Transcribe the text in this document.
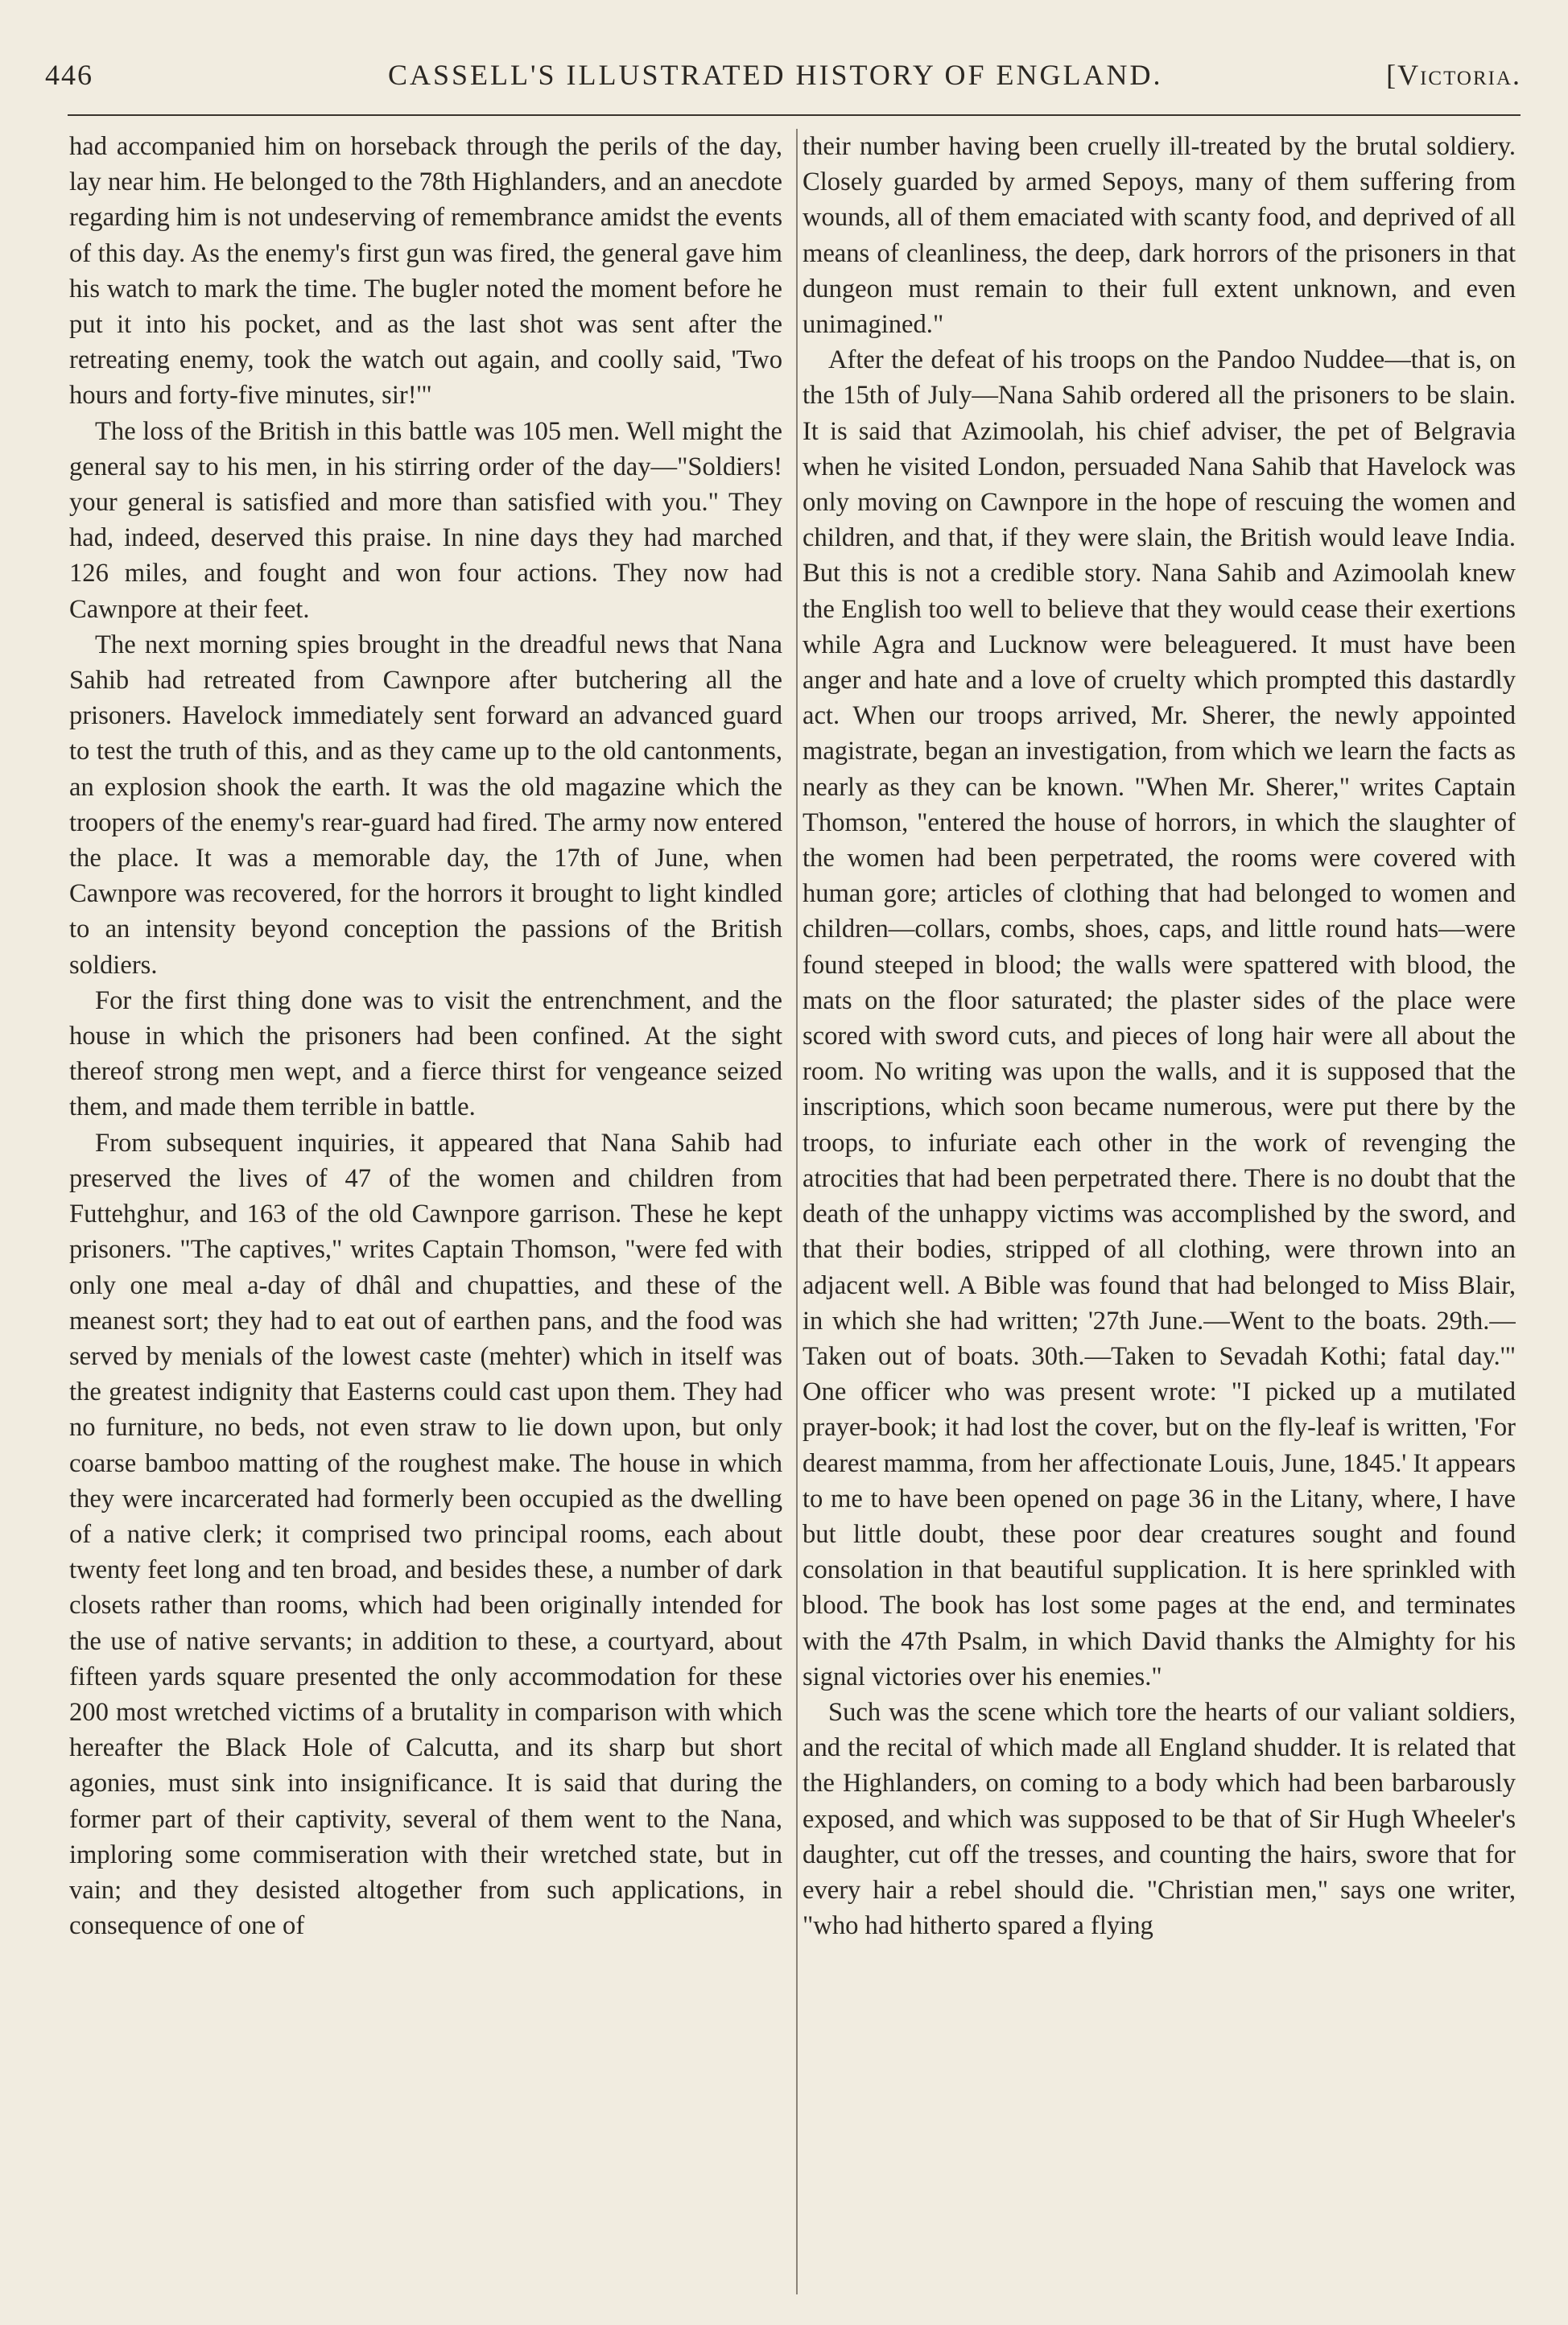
446	CASSELL'S ILLUSTRATED HISTORY OF ENGLAND.	[Victoria.

had accompanied him on horseback through the perils of the day, lay near him. He belonged to the 78th Highlanders, and an anecdote regarding him is not undeserving of remembrance amidst the events of this day. As the enemy's first gun was fired, the general gave him his watch to mark the time. The bugler noted the moment before he put it into his pocket, and as the last shot was sent after the retreating enemy, took the watch out again, and coolly said, 'Two hours and forty-five minutes, sir!'"

The loss of the British in this battle was 105 men. Well might the general say to his men, in his stirring order of the day—"Soldiers! your general is satisfied and more than satisfied with you." They had, indeed, deserved this praise. In nine days they had marched 126 miles, and fought and won four actions. They now had Cawnpore at their feet.

The next morning spies brought in the dreadful news that Nana Sahib had retreated from Cawnpore after butchering all the prisoners. Havelock immediately sent forward an advanced guard to test the truth of this, and as they came up to the old cantonments, an explosion shook the earth. It was the old magazine which the troopers of the enemy's rear-guard had fired. The army now entered the place. It was a memorable day, the 17th of June, when Cawnpore was recovered, for the horrors it brought to light kindled to an intensity beyond conception the passions of the British soldiers.

For the first thing done was to visit the entrenchment, and the house in which the prisoners had been confined. At the sight thereof strong men wept, and a fierce thirst for vengeance seized them, and made them terrible in battle.

From subsequent inquiries, it appeared that Nana Sahib had preserved the lives of 47 of the women and children from Futtehghur, and 163 of the old Cawnpore garrison. These he kept prisoners. "The captives," writes Captain Thomson, "were fed with only one meal a-day of dhâl and chupatties, and these of the meanest sort; they had to eat out of earthen pans, and the food was served by menials of the lowest caste (mehter) which in itself was the greatest indignity that Easterns could cast upon them. They had no furniture, no beds, not even straw to lie down upon, but only coarse bamboo matting of the roughest make. The house in which they were incarcerated had formerly been occupied as the dwelling of a native clerk; it comprised two principal rooms, each about twenty feet long and ten broad, and besides these, a number of dark closets rather than rooms, which had been originally intended for the use of native servants; in addition to these, a courtyard, about fifteen yards square presented the only accommodation for these 200 most wretched victims of a brutality in comparison with which hereafter the Black Hole of Calcutta, and its sharp but short agonies, must sink into insignificance. It is said that during the former part of their captivity, several of them went to the Nana, imploring some commiseration with their wretched state, but in vain; and they desisted altogether from such applications, in consequence of one of

their number having been cruelly ill-treated by the brutal soldiery. Closely guarded by armed Sepoys, many of them suffering from wounds, all of them emaciated with scanty food, and deprived of all means of cleanliness, the deep, dark horrors of the prisoners in that dungeon must remain to their full extent unknown, and even unimagined."

After the defeat of his troops on the Pandoo Nuddee—that is, on the 15th of July—Nana Sahib ordered all the prisoners to be slain. It is said that Azimoolah, his chief adviser, the pet of Belgravia when he visited London, persuaded Nana Sahib that Havelock was only moving on Cawnpore in the hope of rescuing the women and children, and that, if they were slain, the British would leave India. But this is not a credible story. Nana Sahib and Azimoolah knew the English too well to believe that they would cease their exertions while Agra and Lucknow were beleaguered. It must have been anger and hate and a love of cruelty which prompted this dastardly act. When our troops arrived, Mr. Sherer, the newly appointed magistrate, began an investigation, from which we learn the facts as nearly as they can be known. "When Mr. Sherer," writes Captain Thomson, "entered the house of horrors, in which the slaughter of the women had been perpetrated, the rooms were covered with human gore; articles of clothing that had belonged to women and children—collars, combs, shoes, caps, and little round hats—were found steeped in blood; the walls were spattered with blood, the mats on the floor saturated; the plaster sides of the place were scored with sword cuts, and pieces of long hair were all about the room. No writing was upon the walls, and it is supposed that the inscriptions, which soon became numerous, were put there by the troops, to infuriate each other in the work of revenging the atrocities that had been perpetrated there. There is no doubt that the death of the unhappy victims was accomplished by the sword, and that their bodies, stripped of all clothing, were thrown into an adjacent well. A Bible was found that had belonged to Miss Blair, in which she had written; '27th June.—Went to the boats. 29th.—Taken out of boats. 30th.—Taken to Sevadah Kothi; fatal day.'" One officer who was present wrote: "I picked up a mutilated prayer-book; it had lost the cover, but on the fly-leaf is written, 'For dearest mamma, from her affectionate Louis, June, 1845.' It appears to me to have been opened on page 36 in the Litany, where, I have but little doubt, these poor dear creatures sought and found consolation in that beautiful supplication. It is here sprinkled with blood. The book has lost some pages at the end, and terminates with the 47th Psalm, in which David thanks the Almighty for his signal victories over his enemies."

Such was the scene which tore the hearts of our valiant soldiers, and the recital of which made all England shudder. It is related that the Highlanders, on coming to a body which had been barbarously exposed, and which was supposed to be that of Sir Hugh Wheeler's daughter, cut off the tresses, and counting the hairs, swore that for every hair a rebel should die. "Christian men," says one writer, "who had hitherto spared a flying
